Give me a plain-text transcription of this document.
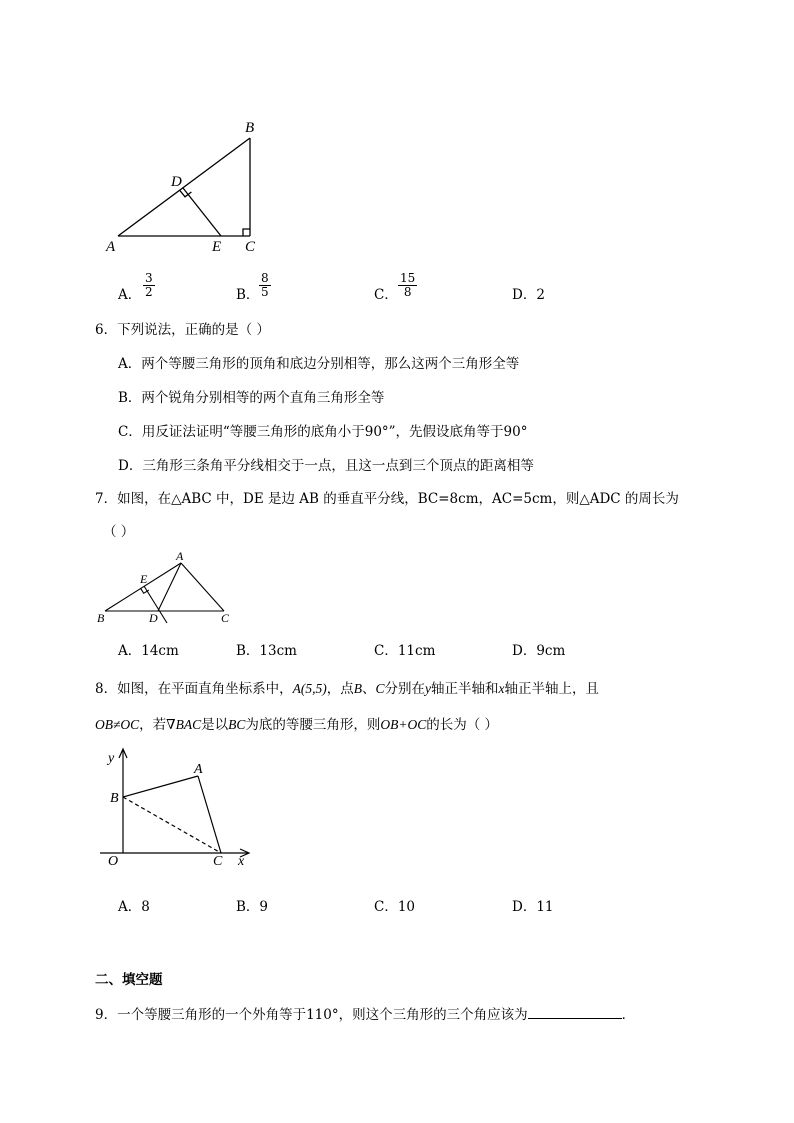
B
D
A	E C
A． $\frac{3}{2}$	B． $\frac{8}{5}$	C． $\frac{15}{8}$	D．2
6．下列说法，正确的是（ ）
A．两个等腰三角形的顶角和底边分别相等，那么这两个三角形全等
B．两个锐角分别相等的两个直角三角形全等
C．用反证法证明“等腰三角形的底角小于90°”，先假设底角等于90°
D．三角形三条角平分线相交于一点，且这一点到三个顶点的距离相等
7．如图，在△ABC 中，DE 是边 AB 的垂直平分线，BC=8cm，AC=5cm，则△ADC 的周长为
（ ）
A
E
B	D	C
A．14cm	B．13cm	C．11cm	D．9cm
8．如图，在平面直角坐标系中，A(5,5)，点B、C分别在y轴正半轴和x轴正半轴上，且
OB≠OC，若∇BAC是以BC为底的等腰三角形，则OB+OC的长为（ ）
y
A
B
O	C x
A．8	B．9	C．10	D．11
二、填空题
9．一个等腰三角形的一个外角等于110°，则这个三角形的三个角应该为	．
